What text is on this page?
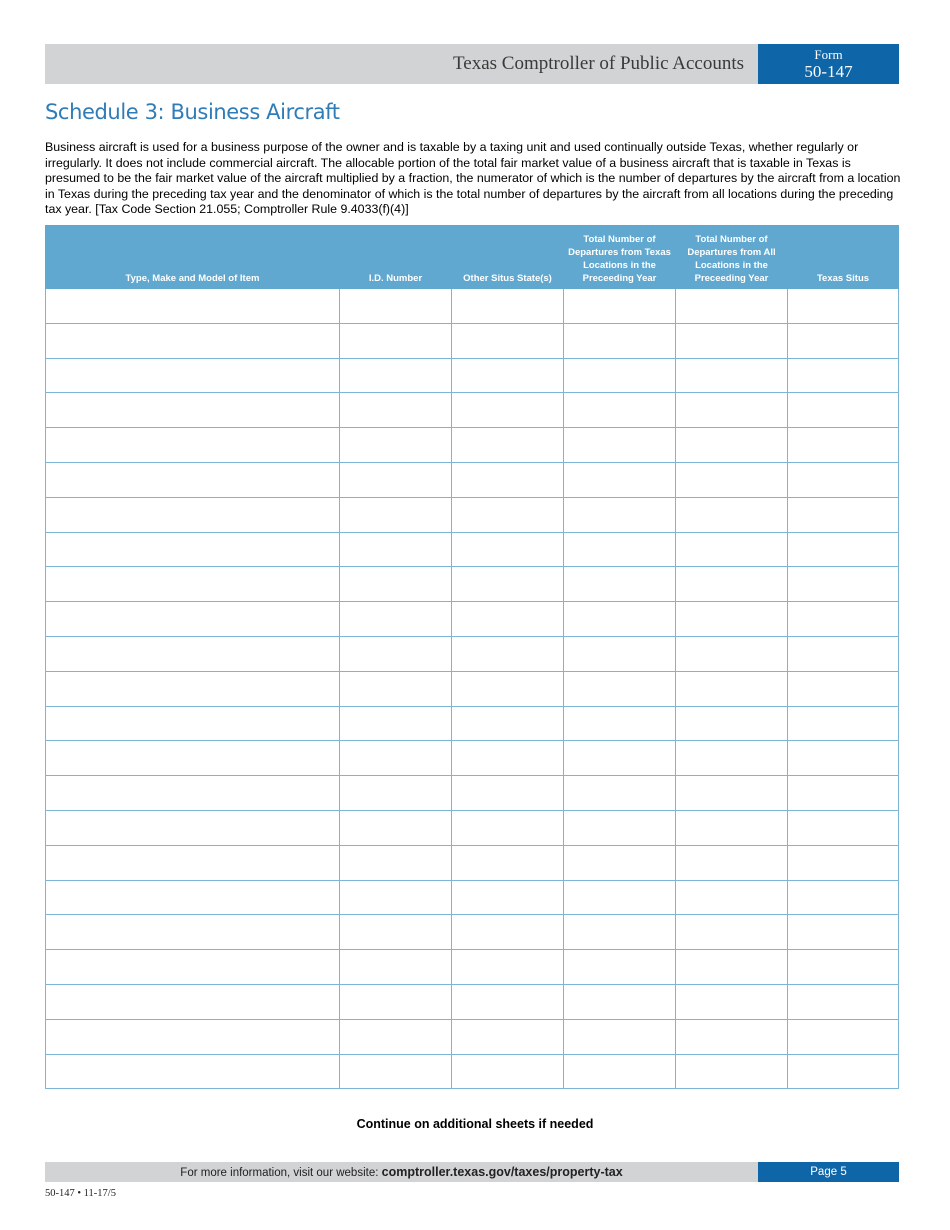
Texas Comptroller of Public Accounts	Form
50-147
Schedule 3: Business Aircraft

Business aircraft is used for a business purpose of the owner and is taxable by a taxing unit and used continually outside Texas, whether regularly or irregularly. It does not include commercial aircraft. The allocable portion of the total fair market value of a business aircraft that is taxable in Texas is presumed to be the fair market value of the aircraft multiplied by a fraction, the numerator of which is the number of departures by the aircraft from a location in Texas during the preceding tax year and the denominator of which is the total number of departures by the aircraft from all locations during the preceding tax year. [Tax Code Section 21.055; Comptroller Rule 9.4033(f)(4)]

Type, Make and Model of Item	I.D. Number	Other Situs State(s)	Total Number of Departures from Texas Locations in the Preceeding Year	Total Number of Departures from All Locations in the Preceeding Year	Texas Situs

Continue on additional sheets if needed
For more information, visit our website: comptroller.texas.gov/taxes/property-tax	Page 5
50-147 • 11-17/5
